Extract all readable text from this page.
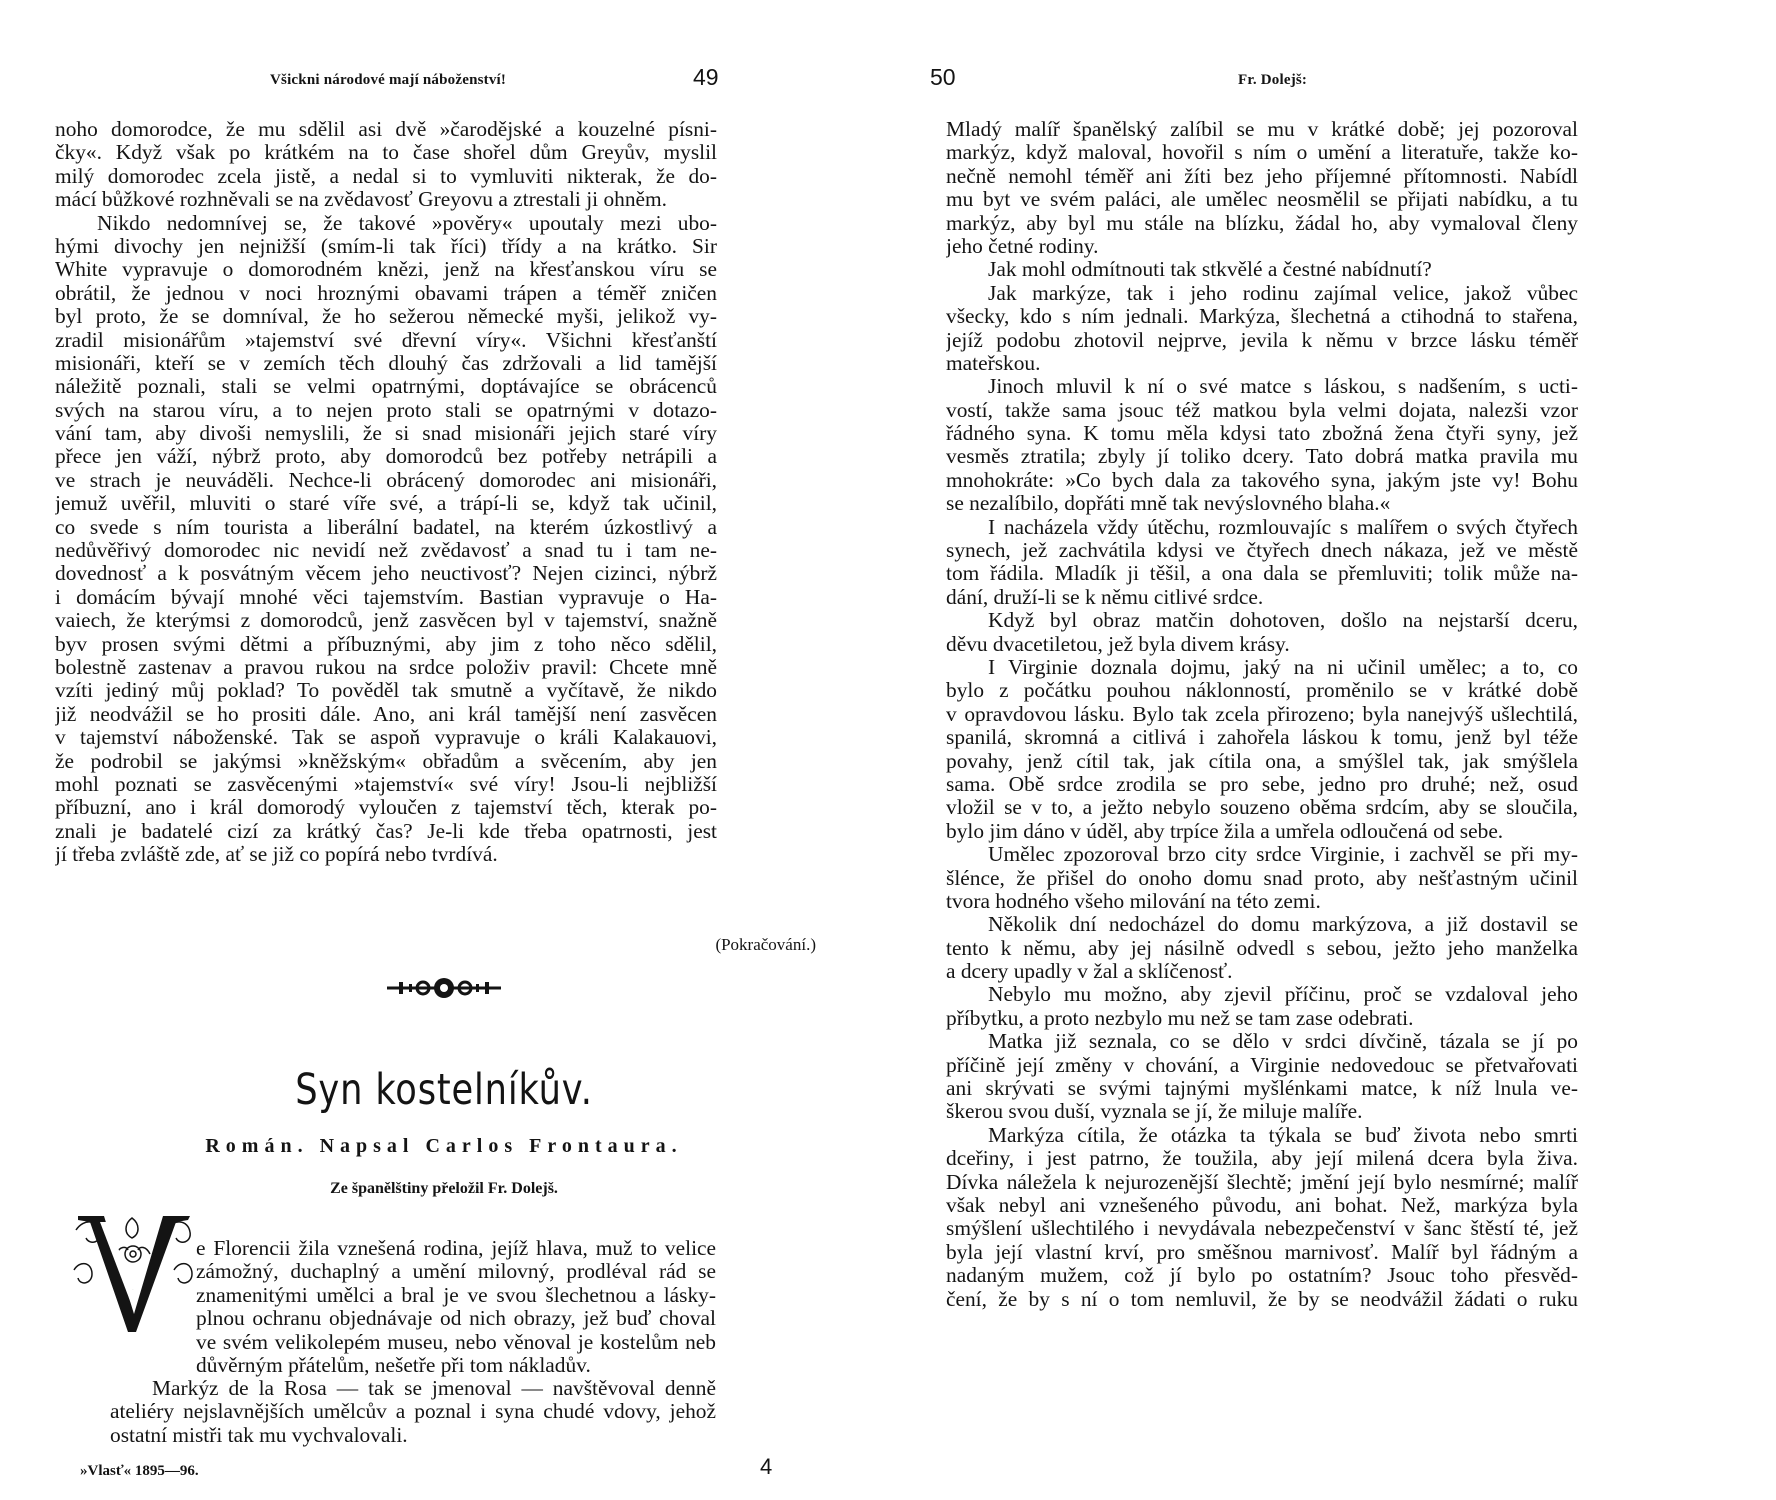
Všickni národové mají náboženství!	49
noho domorodce, že mu sdělil asi dvě »čarodějské a kouzelné písni-
čky«. Když však po krátkém na to čase shořel dům Greyův, myslil
milý domorodec zcela jistě, a nedal si to vymluviti nikterak, že do-
mácí bůžkové rozhněvali se na zvědavosť Greyovu a ztrestali ji ohněm.
Nikdo nedomnívej se, že takové »pověry« upoutaly mezi ubo-
hými divochy jen nejnižší (smím-li tak říci) třídy a na krátko. Sir
White vypravuje o domorodném knězi, jenž na křesťanskou víru se
obrátil, že jednou v noci hroznými obavami trápen a téměř zničen
byl proto, že se domníval, že ho sežerou německé myši, jelikož vy-
zradil misionářům »tajemství své dřevní víry«. Všichni křesťanští
misionáři, kteří se v zemích těch dlouhý čas zdržovali a lid tamější
náležitě poznali, stali se velmi opatrnými, doptávajíce se obrácenců
svých na starou víru, a to nejen proto stali se opatrnými v dotazo-
vání tam, aby divoši nemyslili, že si snad misionáři jejich staré víry
přece jen váží, nýbrž proto, aby domorodců bez potřeby netrápili a
ve strach je neuváděli. Nechce-li obrácený domorodec ani misionáři,
jemuž uvěřil, mluviti o staré víře své, a trápí-li se, když tak učinil,
co svede s ním tourista a liberální badatel, na kterém úzkostlivý a
nedůvěřivý domorodec nic nevidí než zvědavosť a snad tu i tam ne-
dovednosť a k posvátným věcem jeho neuctivosť? Nejen cizinci, nýbrž
i domácím bývají mnohé věci tajemstvím. Bastian vypravuje o Ha-
vaiech, že kterýmsi z domorodců, jenž zasvěcen byl v tajemství, snažně
byv prosen svými dětmi a příbuznými, aby jim z toho něco sdělil,
bolestně zastenav a pravou rukou na srdce položiv pravil: Chcete mně
vzíti jediný můj poklad? To pověděl tak smutně a vyčítavě, že nikdo
již neodvážil se ho prositi dále. Ano, ani král tamější není zasvěcen
v tajemství náboženské. Tak se aspoň vypravuje o králi Kalakauovi,
že podrobil se jakýmsi »kněžským« obřadům a svěcením, aby jen
mohl poznati se zasvěcenými »tajemství« své víry! Jsou-li nejbližší
příbuzní, ano i král domorodý vyloučen z tajemství těch, kterak po-
znali je badatelé cizí za krátký čas? Je-li kde třeba opatrnosti, jest
jí třeba zvláště zde, ať se již co popírá nebo tvrdívá.
(Pokračování.)
Syn kostelníkův.
Román. Napsal Carlos Frontaura.
Ze španělštiny přeložil Fr. Dolejš.
V
e Florencii žila vznešená rodina, jejíž hlava, muž to velice
zámožný, duchaplný a umění milovný, prodléval rád se
znamenitými umělci a bral je ve svou šlechetnou a lásky-
plnou ochranu objednávaje od nich obrazy, jež buď choval
ve svém velikolepém museu, nebo věnoval je kostelům neb
důvěrným přátelům, nešetře při tom nákladův.
Markýz de la Rosa — tak se jmenoval — navštěvoval denně
ateliéry nejslavnějších umělcův a poznal i syna chudé vdovy, jehož
ostatní mistři tak mu vychvalovali.
»Vlasť« 1895—96.	4
50	Fr. Dolejš:
Mladý malíř španělský zalíbil se mu v krátké době; jej pozoroval
markýz, když maloval, hovořil s ním o umění a literatuře, takže ko-
nečně nemohl téměř ani žíti bez jeho příjemné přítomnosti. Nabídl
mu byt ve svém paláci, ale umělec neosmělil se přijati nabídku, a tu
markýz, aby byl mu stále na blízku, žádal ho, aby vymaloval členy
jeho četné rodiny.
Jak mohl odmítnouti tak stkvělé a čestné nabídnutí?
Jak markýze, tak i jeho rodinu zajímal velice, jakož vůbec
všecky, kdo s ním jednali. Markýza, šlechetná a ctihodná to stařena,
jejíž podobu zhotovil nejprve, jevila k němu v brzce lásku téměř
mateřskou.
Jinoch mluvil k ní o své matce s láskou, s nadšením, s ucti-
vostí, takže sama jsouc též matkou byla velmi dojata, nalezši vzor
řádného syna. K tomu měla kdysi tato zbožná žena čtyři syny, jež
vesměs ztratila; zbyly jí toliko dcery. Tato dobrá matka pravila mu
mnohokráte: »Co bych dala za takového syna, jakým jste vy! Bohu
se nezalíbilo, dopřáti mně tak nevýslovného blaha.«
I nacházela vždy útěchu, rozmlouvajíc s malířem o svých čtyřech
synech, jež zachvátila kdysi ve čtyřech dnech nákaza, jež ve městě
tom řádila. Mladík ji těšil, a ona dala se přemluviti; tolik může na-
dání, druží-li se k němu citlivé srdce.
Když byl obraz matčin dohotoven, došlo na nejstarší dceru,
děvu dvacetiletou, jež byla divem krásy.
I Virginie doznala dojmu, jaký na ni učinil umělec; a to, co
bylo z počátku pouhou náklonností, proměnilo se v krátké době
v opravdovou lásku. Bylo tak zcela přirozeno; byla nanejvýš ušlechtilá,
spanilá, skromná a citlivá i zahořela láskou k tomu, jenž byl téže
povahy, jenž cítil tak, jak cítila ona, a smýšlel tak, jak smýšlela
sama. Obě srdce zrodila se pro sebe, jedno pro druhé; než, osud
vložil se v to, a ježto nebylo souzeno oběma srdcím, aby se sloučila,
bylo jim dáno v úděl, aby trpíce žila a umřela odloučená od sebe.
Umělec zpozoroval brzo city srdce Virginie, i zachvěl se při my-
šlénce, že přišel do onoho domu snad proto, aby nešťastným učinil
tvora hodného všeho milování na této zemi.
Několik dní nedocházel do domu markýzova, a již dostavil se
tento k němu, aby jej násilně odvedl s sebou, ježto jeho manželka
a dcery upadly v žal a sklíčenosť.
Nebylo mu možno, aby zjevil příčinu, proč se vzdaloval jeho
příbytku, a proto nezbylo mu než se tam zase odebrati.
Matka již seznala, co se dělo v srdci dívčině, tázala se jí po
příčině její změny v chování, a Virginie nedovedouc se přetvařovati
ani skrývati se svými tajnými myšlénkami matce, k níž lnula ve-
škerou svou duší, vyznala se jí, že miluje malíře.
Markýza cítila, že otázka ta týkala se buď života nebo smrti
dceřiny, i jest patrno, že toužila, aby její milená dcera byla živa.
Dívka náležela k nejurozenější šlechtě; jmění její bylo nesmírné; malíř
však nebyl ani vznešeného původu, ani bohat. Než, markýza byla
smýšlení ušlechtilého i nevydávala nebezpečenství v šanc štěstí té, jež
byla její vlastní krví, pro směšnou marnivosť. Malíř byl řádným a
nadaným mužem, což jí bylo po ostatním? Jsouc toho přesvěd-
čení, že by s ní o tom nemluvil, že by se neodvážil žádati o ruku
